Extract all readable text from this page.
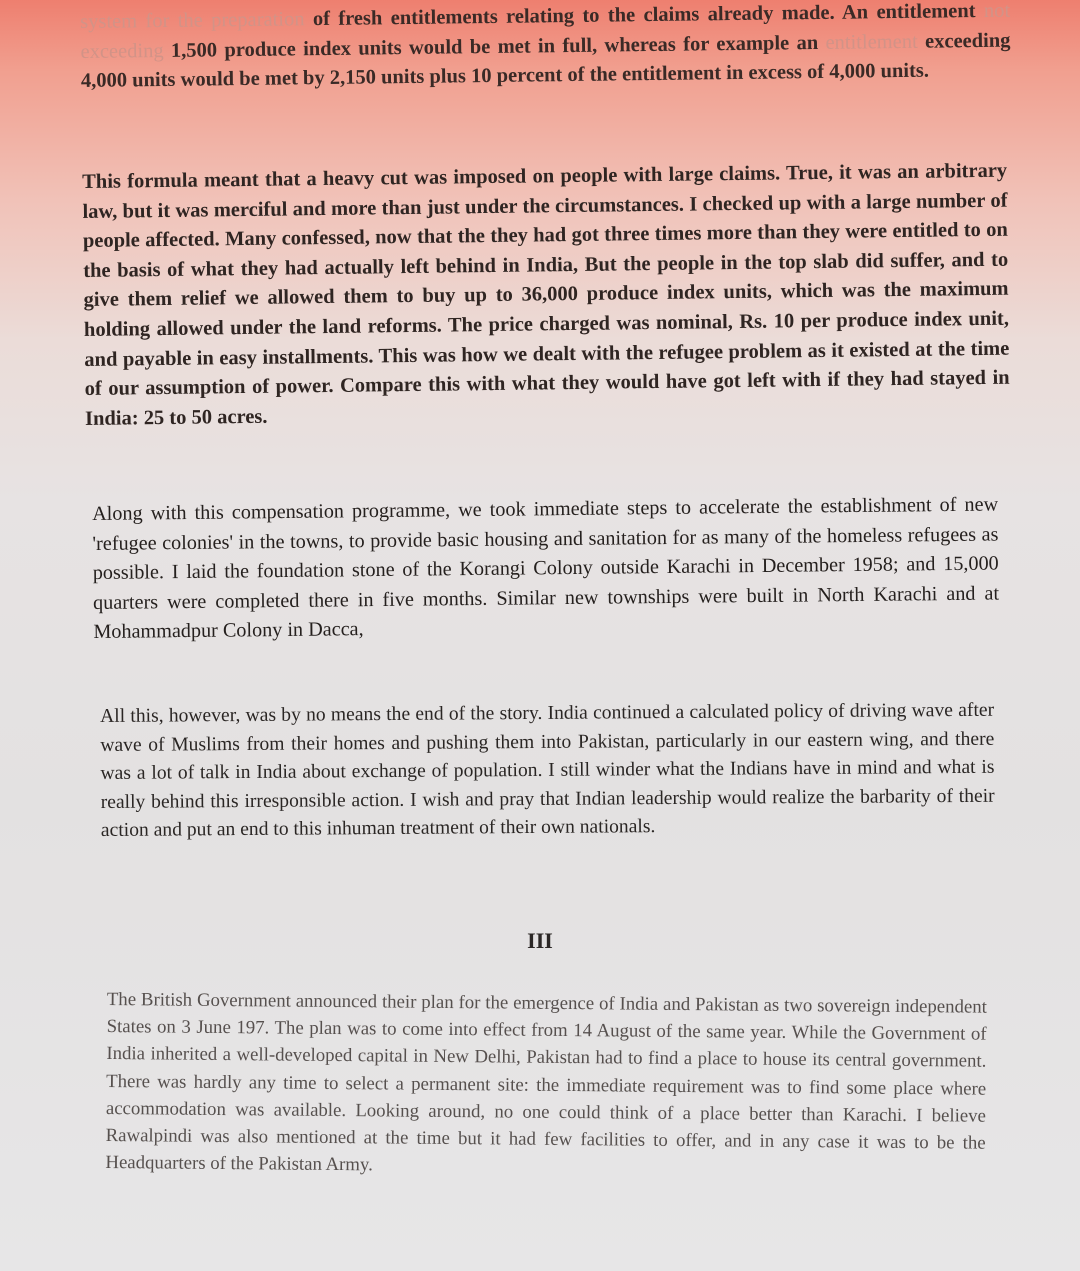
system for the preparation of fresh entitlements relating to the claims already made. An entitlement not exceeding 1,500 produce index units would be met in full, whereas for example an entitlement exceeding 4,000 units would be met by 2,150 units plus 10 percent of the entitlement in excess of 4,000 units.

This formula meant that a heavy cut was imposed on people with large claims. True, it was an arbitrary law, but it was merciful and more than just under the circumstances. I checked up with a large number of people affected. Many confessed, now that the they had got three times more than they were entitled to on the basis of what they had actually left behind in India, But the people in the top slab did suffer, and to give them relief we allowed them to buy up to 36,000 produce index units, which was the maximum holding allowed under the land reforms. The price charged was nominal, Rs. 10 per produce index unit, and payable in easy installments. This was how we dealt with the refugee problem as it existed at the time of our assumption of power. Compare this with what they would have got left with if they had stayed in India: 25 to 50 acres.

Along with this compensation programme, we took immediate steps to accelerate the establishment of new 'refugee colonies' in the towns, to provide basic housing and sanitation for as many of the homeless refugees as possible. I laid the foundation stone of the Korangi Colony outside Karachi in December 1958; and 15,000 quarters were completed there in five months. Similar new townships were built in North Karachi and at Mohammadpur Colony in Dacca,

All this, however, was by no means the end of the story. India continued a calculated policy of driving wave after wave of Muslims from their homes and pushing them into Pakistan, particularly in our eastern wing, and there was a lot of talk in India about exchange of population. I still winder what the Indians have in mind and what is really behind this irresponsible action. I wish and pray that Indian leadership would realize the barbarity of their action and put an end to this inhuman treatment of their own nationals.

III

The British Government announced their plan for the emergence of India and Pakistan as two sovereign independent States on 3 June 197. The plan was to come into effect from 14 August of the same year. While the Government of India inherited a well-developed capital in New Delhi, Pakistan had to find a place to house its central government. There was hardly any time to select a permanent site: the immediate requirement was to find some place where accommodation was available. Looking around, no one could think of a place better than Karachi. I believe Rawalpindi was also mentioned at the time but it had few facilities to offer, and in any case it was to be the Headquarters of the Pakistan Army.
